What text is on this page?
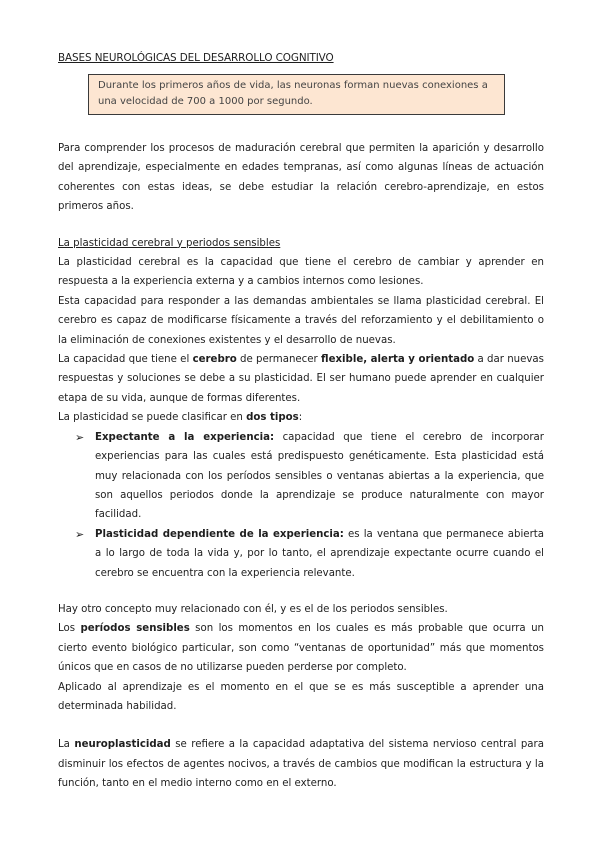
BASES NEUROLÓGICAS DEL DESARROLLO COGNITIVO
Durante los primeros años de vida, las neuronas forman nuevas conexiones a una velocidad de 700 a 1000 por segundo.

Para comprender los procesos de maduración cerebral que permiten la aparición y desarrollo del aprendizaje, especialmente en edades tempranas, así como algunas líneas de actuación coherentes con estas ideas, se debe estudiar la relación cerebro-aprendizaje, en estos primeros años.

La plasticidad cerebral y periodos sensibles

La plasticidad cerebral es la capacidad que tiene el cerebro de cambiar y aprender en respuesta a la experiencia externa y a cambios internos como lesiones.

Esta capacidad para responder a las demandas ambientales se llama plasticidad cerebral. El cerebro es capaz de modificarse físicamente a través del reforzamiento y el debilitamiento o la eliminación de conexiones existentes y el desarrollo de nuevas.

La capacidad que tiene el cerebro de permanecer flexible, alerta y orientado a dar nuevas respuestas y soluciones se debe a su plasticidad. El ser humano puede aprender en cualquier etapa de su vida, aunque de formas diferentes.

La plasticidad se puede clasificar en dos tipos:

➢ Expectante a la experiencia: capacidad que tiene el cerebro de incorporar experiencias para las cuales está predispuesto genéticamente. Esta plasticidad está muy relacionada con los períodos sensibles o ventanas abiertas a la experiencia, que son aquellos periodos donde la aprendizaje se produce naturalmente con mayor facilidad.
➢ Plasticidad dependiente de la experiencia: es la ventana que permanece abierta a lo largo de toda la vida y, por lo tanto, el aprendizaje expectante ocurre cuando el cerebro se encuentra con la experiencia relevante.

Hay otro concepto muy relacionado con él, y es el de los periodos sensibles.

Los períodos sensibles son los momentos en los cuales es más probable que ocurra un cierto evento biológico particular, son como “ventanas de oportunidad” más que momentos únicos que en casos de no utilizarse pueden perderse por completo.

Aplicado al aprendizaje es el momento en el que se es más susceptible a aprender una determinada habilidad.

La neuroplasticidad se refiere a la capacidad adaptativa del sistema nervioso central para disminuir los efectos de agentes nocivos, a través de cambios que modifican la estructura y la función, tanto en el medio interno como en el externo.
